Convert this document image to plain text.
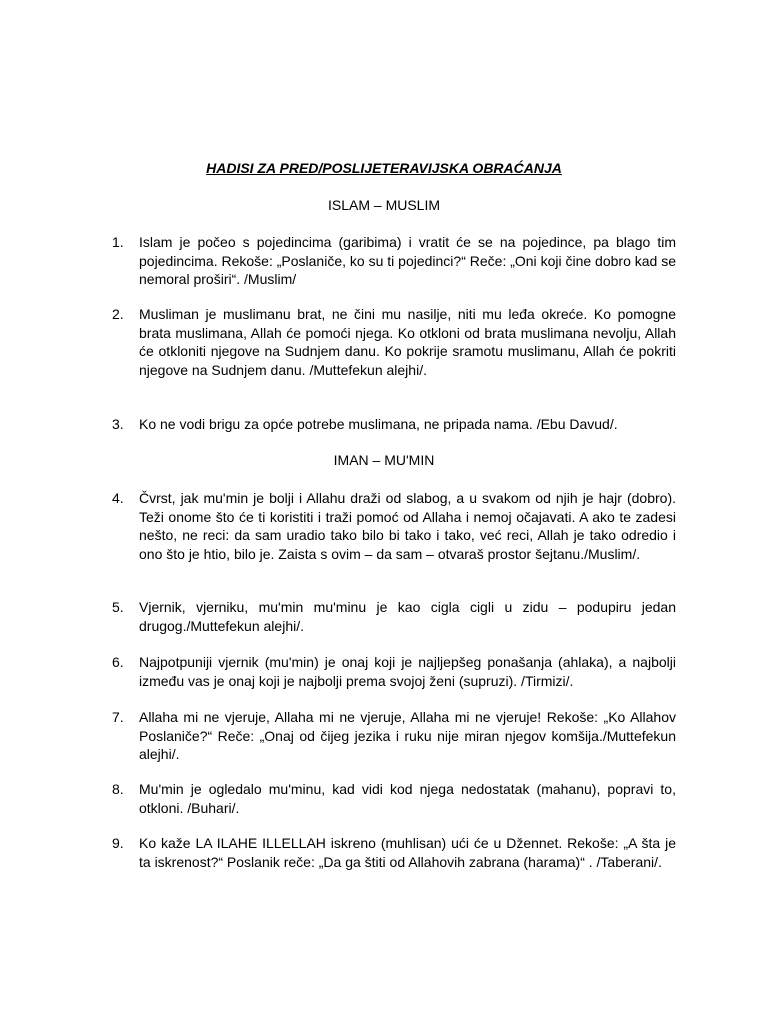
HADISI ZA PRED/POSLIJETERAVIJSKA OBRAĆANJA
ISLAM – MUSLIM
1.	Islam je počeo s pojedincima (garibima) i vratit će se na pojedince, pa blago tim pojedincima. Rekoše: „Poslaniče, ko su ti pojedinci?“ Reče: „Oni koji čine dobro kad se nemoral proširi“. /Muslim/
2.	Musliman je muslimanu brat, ne čini mu nasilje, niti mu leđa okreće. Ko pomogne brata muslimana, Allah će pomoći njega. Ko otkloni od brata muslimana nevolju, Allah će otkloniti njegove na Sudnjem danu. Ko pokrije sramotu muslimanu, Allah će pokriti njegove na Sudnjem danu. /Muttefekun alejhi/.
3.	Ko ne vodi brigu za opće potrebe muslimana, ne pripada nama. /Ebu Davud/.
IMAN – MU'MIN
4.	Čvrst, jak mu'min je bolji i Allahu draži od slabog, a u svakom od njih je hajr (dobro). Teži onome što će ti koristiti i traži pomoć od Allaha i nemoj očajavati. A ako te zadesi nešto, ne reci: da sam uradio tako bilo bi tako i tako, već reci, Allah je tako odredio i ono što je htio, bilo je. Zaista s ovim – da sam – otvaraš prostor šejtanu./Muslim/.
5.	Vjernik, vjerniku, mu'min mu'minu je kao cigla cigli u zidu – podupiru jedan drugog./Muttefekun alejhi/.
6.	Najpotpuniji vjernik (mu'min) je onaj koji je najljepšeg ponašanja (ahlaka), a najbolji između vas je onaj koji je najbolji prema svojoj ženi (supruzi). /Tirmizi/.
7.	Allaha mi ne vjeruje, Allaha mi ne vjeruje, Allaha mi ne vjeruje! Rekoše: „Ko Allahov Poslaniče?“ Reče: „Onaj od čijeg jezika i ruku nije miran njegov komšija./Muttefekun alejhi/.
8.	Mu'min je ogledalo mu'minu, kad vidi kod njega nedostatak (mahanu), popravi to, otkloni. /Buhari/.
9.	Ko kaže LA ILAHE ILLELLAH iskreno (muhlisan) ući će u Džennet. Rekoše: „A šta je ta iskrenost?“ Poslanik reče: „Da ga štiti od Allahovih zabrana (harama)“ . /Taberani/.
